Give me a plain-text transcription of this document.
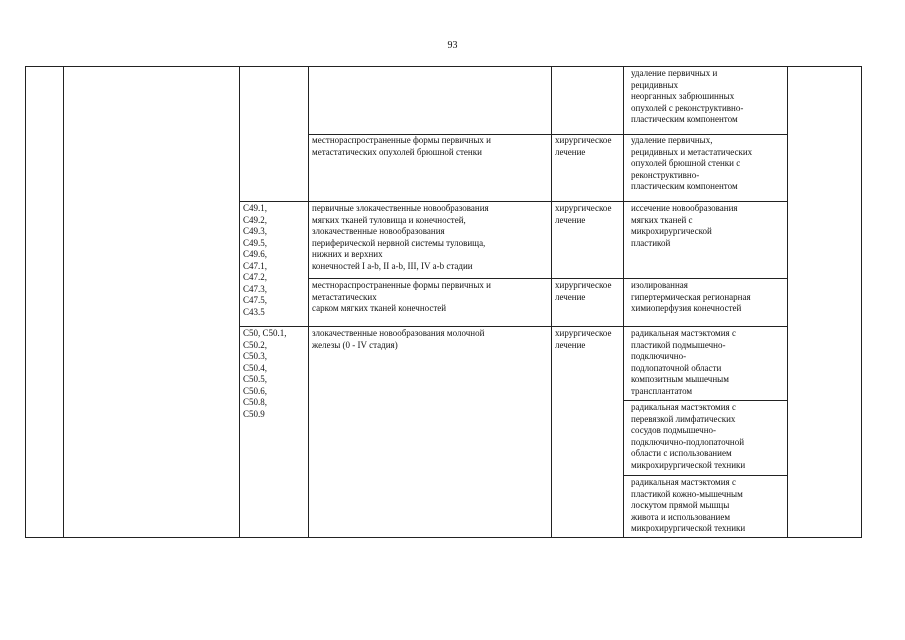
93
удаление первичных и
рецидивных
неорганных забрюшинных
опухолей с реконструктивно-
пластическим компонентом
местнораспространенные формы первичных и
метастатических опухолей брюшной стенки
хирургическое
лечение
удаление первичных,
рецидивных и метастатических
опухолей брюшной стенки с
реконструктивно-
пластическим компонентом
C49.1,
C49.2,
C49.3,
C49.5,
C49.6,
C47.1,
C47.2,
C47.3,
C47.5,
C43.5
первичные злокачественные новообразования
мягких тканей туловища и конечностей,
злокачественные новообразования
периферической нервной системы туловища,
нижних и верхних
конечностей I a-b, II a-b, III, IV a-b стадии
хирургическое
лечение
иссечение новообразования
мягких тканей с
микрохирургической
пластикой
местнораспространенные формы первичных и
метастатических
сарком мягких тканей конечностей
хирургическое
лечение
изолированная
гипертермическая регионарная
химиоперфузия конечностей
C50, C50.1,
C50.2,
C50.3,
C50.4,
C50.5,
C50.6,
C50.8,
C50.9
злокачественные новообразования молочной
железы (0 - IV стадия)
хирургическое
лечение
радикальная мастэктомия с
пластикой подмышечно-
подключично-
подлопаточной области
композитным мышечным
трансплантатом
радикальная мастэктомия с
перевязкой лимфатических
сосудов подмышечно-
подключично-подлопаточной
области с использованием
микрохирургической техники
радикальная мастэктомия с
пластикой кожно-мышечным
лоскутом прямой мышцы
живота и использованием
микрохирургической техники
